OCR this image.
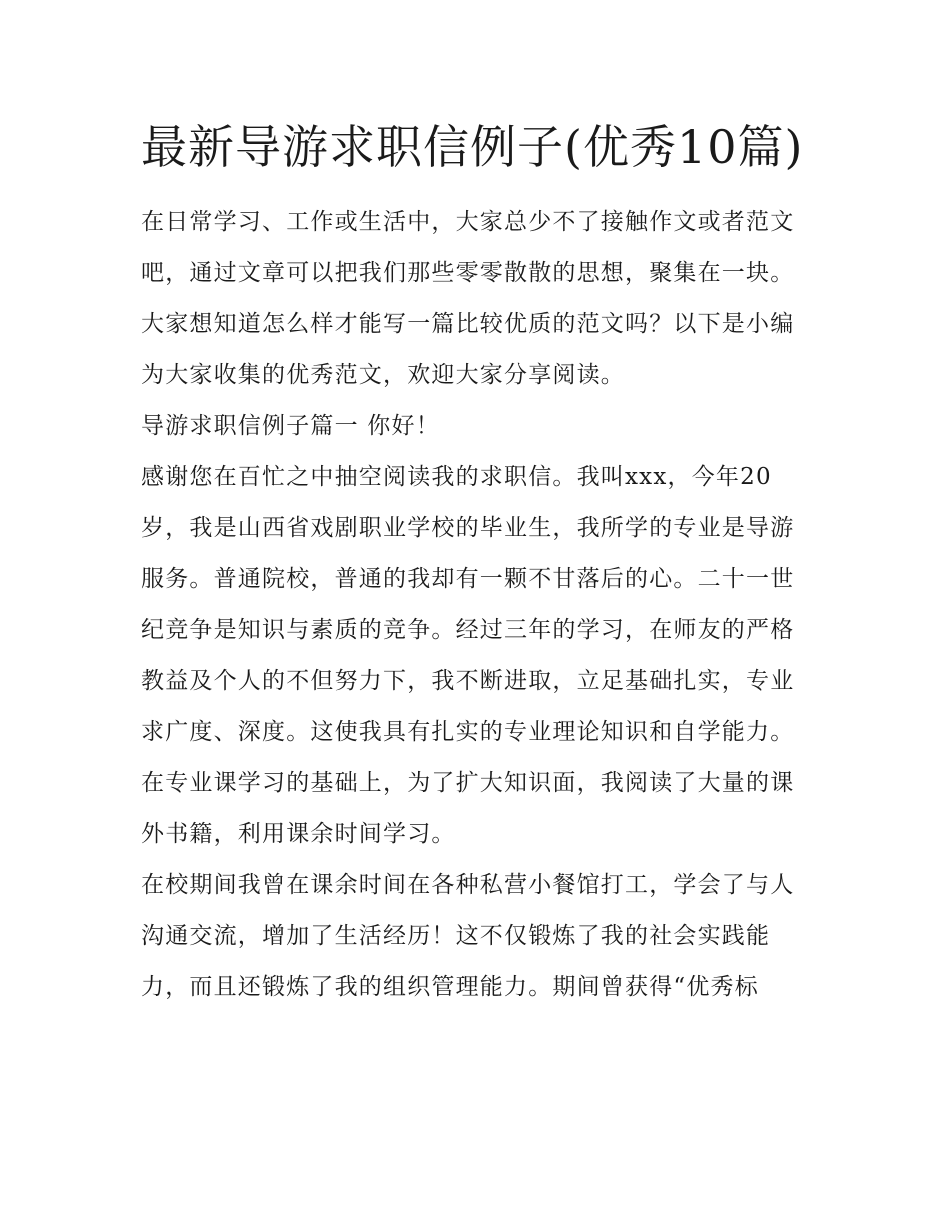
最新导游求职信例子(优秀10篇)

在日常学习、工作或生活中，大家总少不了接触作文或者范文吧，通过文章可以把我们那些零零散散的思想，聚集在一块。大家想知道怎么样才能写一篇比较优质的范文吗？以下是小编为大家收集的优秀范文，欢迎大家分享阅读。

导游求职信例子篇一 你好！

感谢您在百忙之中抽空阅读我的求职信。我叫xxx，今年20岁，我是山西省戏剧职业学校的毕业生，我所学的专业是导游服务。普通院校，普通的我却有一颗不甘落后的心。二十一世纪竞争是知识与素质的竞争。经过三年的学习，在师友的严格教益及个人的不但努力下，我不断进取，立足基础扎实，专业求广度、深度。这使我具有扎实的专业理论知识和自学能力。在专业课学习的基础上，为了扩大知识面，我阅读了大量的课外书籍，利用课余时间学习。

在校期间我曾在课余时间在各种私营小餐馆打工，学会了与人沟通交流，增加了生活经历！这不仅锻炼了我的社会实践能力，而且还锻炼了我的组织管理能力。期间曾获得“优秀标
